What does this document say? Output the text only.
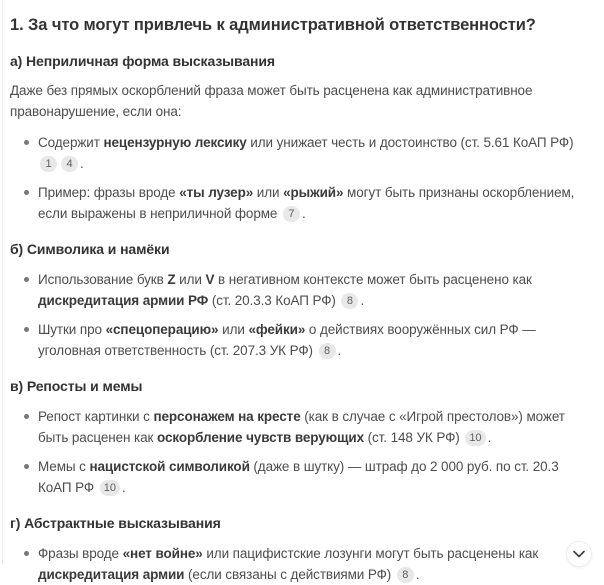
1. За что могут привлечь к административной ответственности?
а) Неприличная форма высказывания

Даже без прямых оскорблений фраза может быть расценена как административное правонарушение, если она:

Содержит нецензурную лексику или унижает честь и достоинство (ст. 5.61 КоАП РФ) 1 4 .
Пример: фразы вроде «ты лузер» или «рыжий» могут быть признаны оскорблением, если выражены в неприличной форме 7 .
б) Символика и намёки
Использование букв Z или V в негативном контексте может быть расценено как дискредитация армии РФ (ст. 20.3.3 КоАП РФ) 8 .
Шутки про «спецоперацию» или «фейки» о действиях вооружённых сил РФ — уголовная ответственность (ст. 207.3 УК РФ) 8 .
в) Репосты и мемы
Репост картинки с персонажем на кресте (как в случае с «Игрой престолов») может быть расценен как оскорбление чувств верующих (ст. 148 УК РФ) 10 .
Мемы с нацистской символикой (даже в шутку) — штраф до 2 000 руб. по ст. 20.3 КоАП РФ 10 .
г) Абстрактные высказывания
Фразы вроде «нет войне» или пацифистские лозунги могут быть расценены как дискредитация армии (если связаны с действиями РФ) 8 .
